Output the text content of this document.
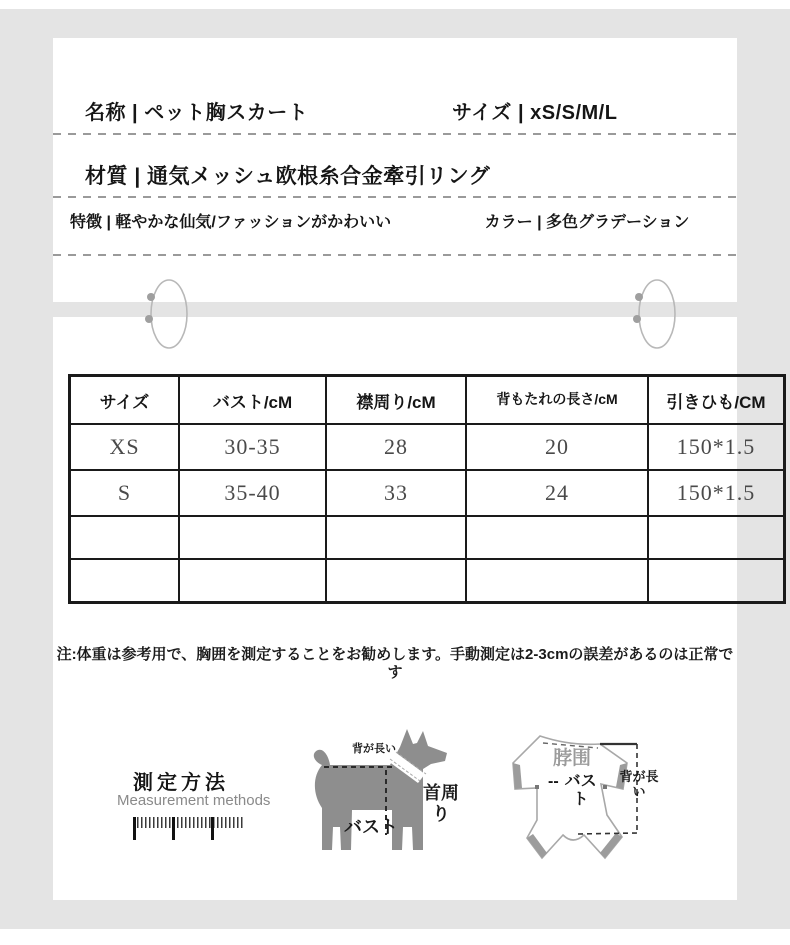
名称 | ペット胸スカート	サイズ | xS/S/M/L
材質 | 通気メッシュ欧根糸合金牽引リング
特徴 | 軽やかな仙気/ファッションがかわいい	カラー | 多色グラデーション
サイズ	バスト/cM	襟周り/cM	背もたれの長さ/cM	引きひも/CM
XS	30-35	28	20	150*1.5
S	35-40	33	24	150*1.5

注:体重は参考用で、胸囲を測定することをお勧めします。手動測定は2-3cmの誤差があるのは正常です
測定方法
Measurement methods
背が長い
首周り
バスト
脖围
-- バスト
背が長い
